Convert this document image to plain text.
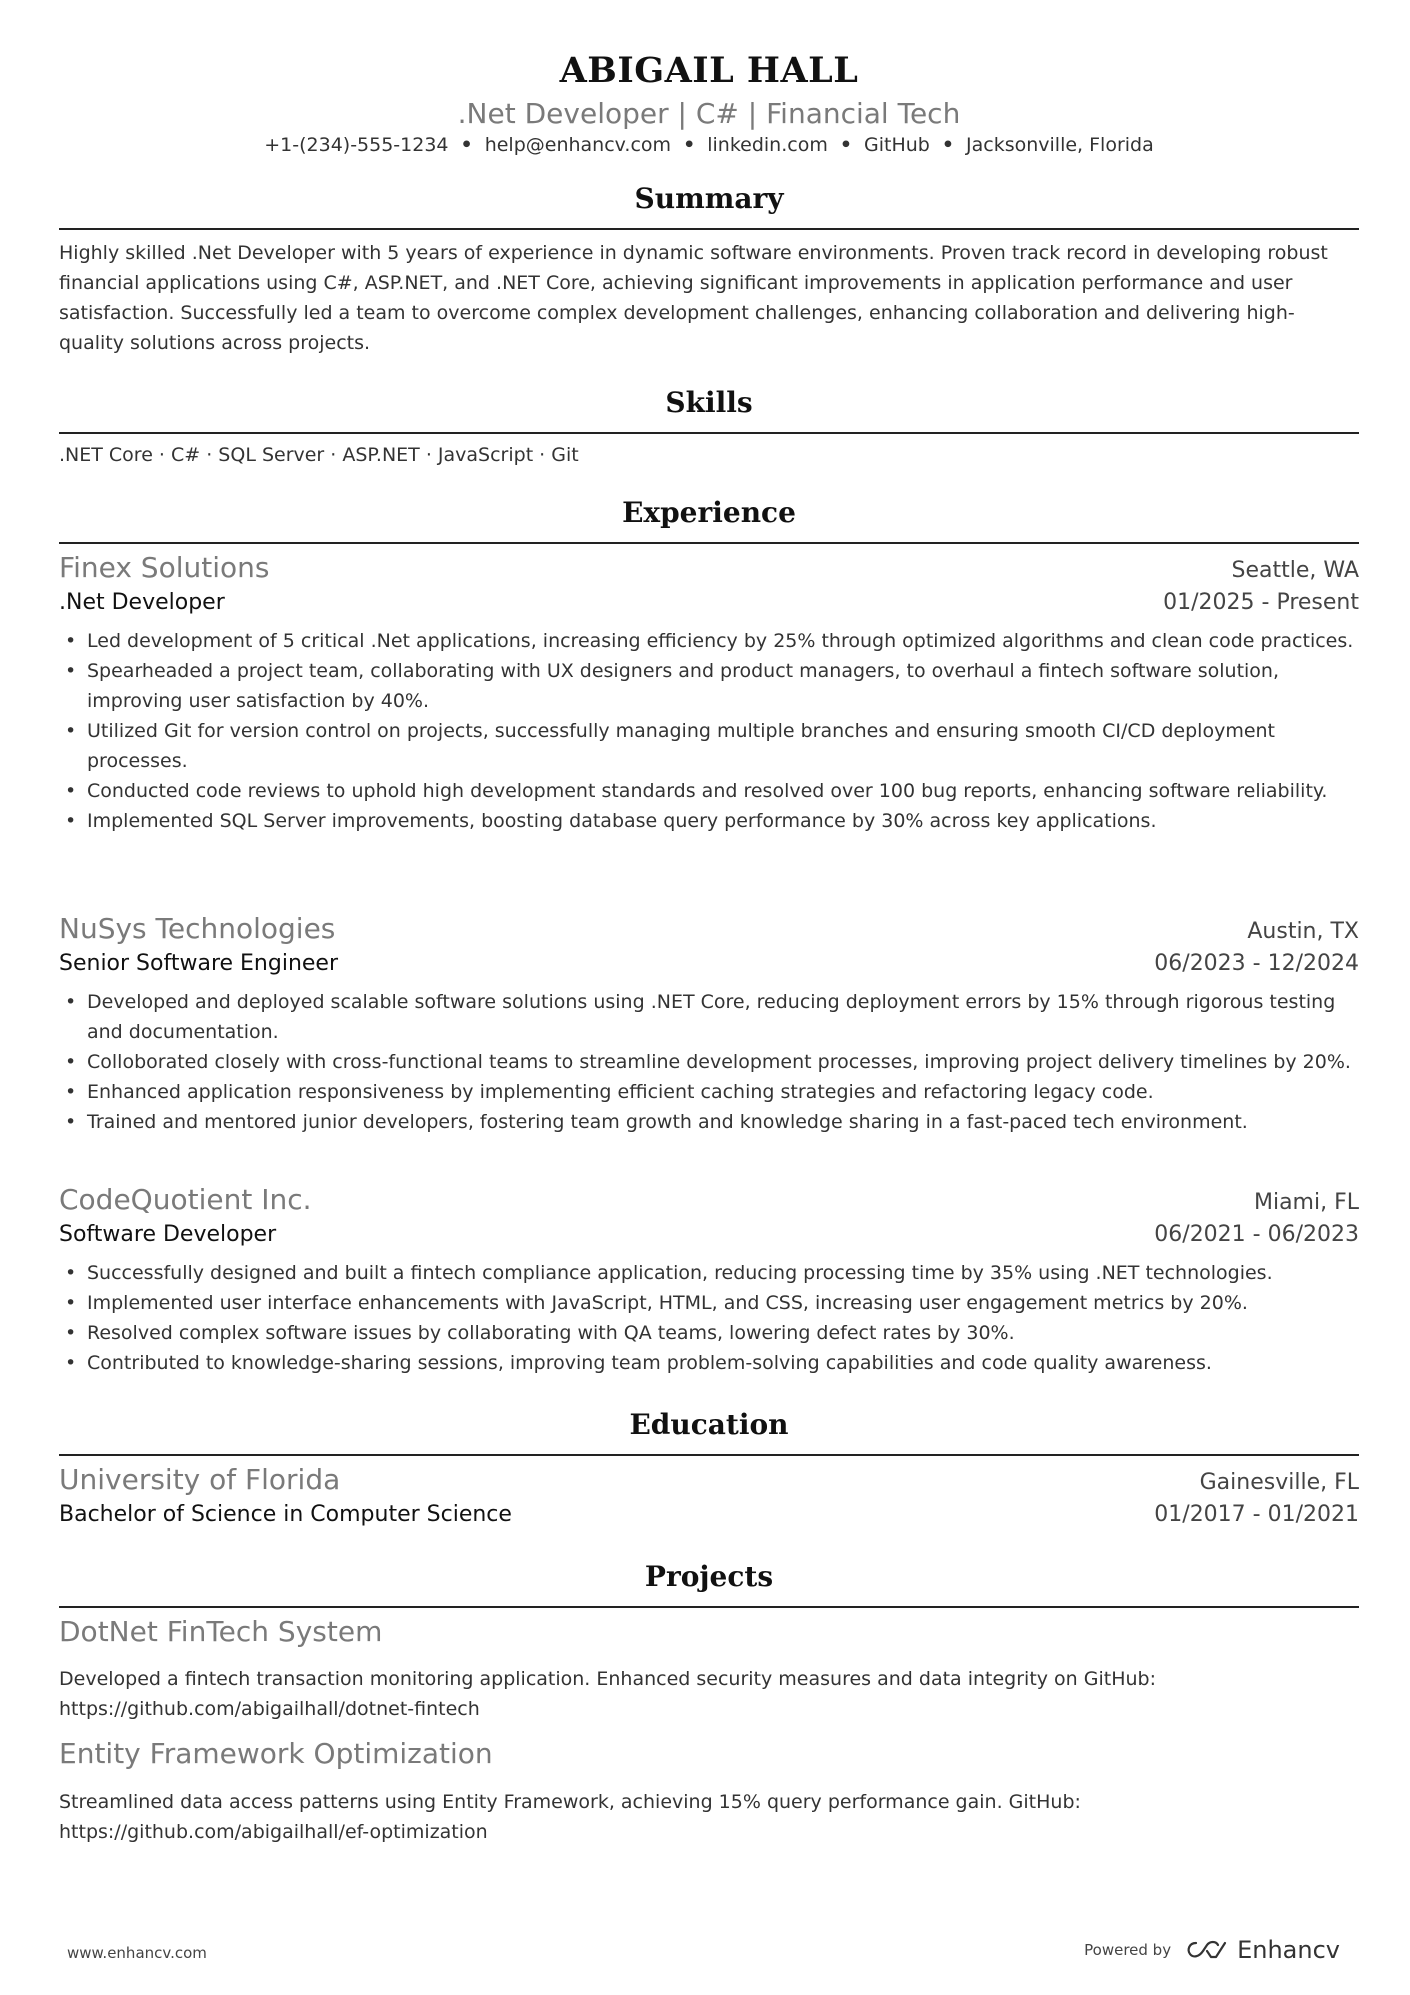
ABIGAIL HALL
.Net Developer | C# | Financial Tech
+1-(234)-555-1234 • help@enhancv.com • linkedin.com • GitHub • Jacksonville, Florida
Summary
Highly skilled .Net Developer with 5 years of experience in dynamic software environments. Proven track record in developing robust financial applications using C#, ASP.NET, and .NET Core, achieving significant improvements in application performance and user satisfaction. Successfully led a team to overcome complex development challenges, enhancing collaboration and delivering high-quality solutions across projects.
Skills
.NET Core · C# · SQL Server · ASP.NET · JavaScript · Git
Experience
Finex Solutions	Seattle, WA
.Net Developer	01/2025 - Present
• Led development of 5 critical .Net applications, increasing efficiency by 25% through optimized algorithms and clean code practices.
• Spearheaded a project team, collaborating with UX designers and product managers, to overhaul a fintech software solution, improving user satisfaction by 40%.
• Utilized Git for version control on projects, successfully managing multiple branches and ensuring smooth CI/CD deployment processes.
• Conducted code reviews to uphold high development standards and resolved over 100 bug reports, enhancing software reliability.
• Implemented SQL Server improvements, boosting database query performance by 30% across key applications.
NuSys Technologies	Austin, TX
Senior Software Engineer	06/2023 - 12/2024
• Developed and deployed scalable software solutions using .NET Core, reducing deployment errors by 15% through rigorous testing and documentation.
• Colloborated closely with cross-functional teams to streamline development processes, improving project delivery timelines by 20%.
• Enhanced application responsiveness by implementing efficient caching strategies and refactoring legacy code.
• Trained and mentored junior developers, fostering team growth and knowledge sharing in a fast-paced tech environment.
CodeQuotient Inc.	Miami, FL
Software Developer	06/2021 - 06/2023
• Successfully designed and built a fintech compliance application, reducing processing time by 35% using .NET technologies.
• Implemented user interface enhancements with JavaScript, HTML, and CSS, increasing user engagement metrics by 20%.
• Resolved complex software issues by collaborating with QA teams, lowering defect rates by 30%.
• Contributed to knowledge-sharing sessions, improving team problem-solving capabilities and code quality awareness.
Education
University of Florida	Gainesville, FL
Bachelor of Science in Computer Science	01/2017 - 01/2021
Projects
DotNet FinTech System
Developed a fintech transaction monitoring application. Enhanced security measures and data integrity on GitHub:
https://github.com/abigailhall/dotnet-fintech
Entity Framework Optimization
Streamlined data access patterns using Entity Framework, achieving 15% query performance gain. GitHub:
https://github.com/abigailhall/ef-optimization
www.enhancv.com	Powered by	Enhancv
